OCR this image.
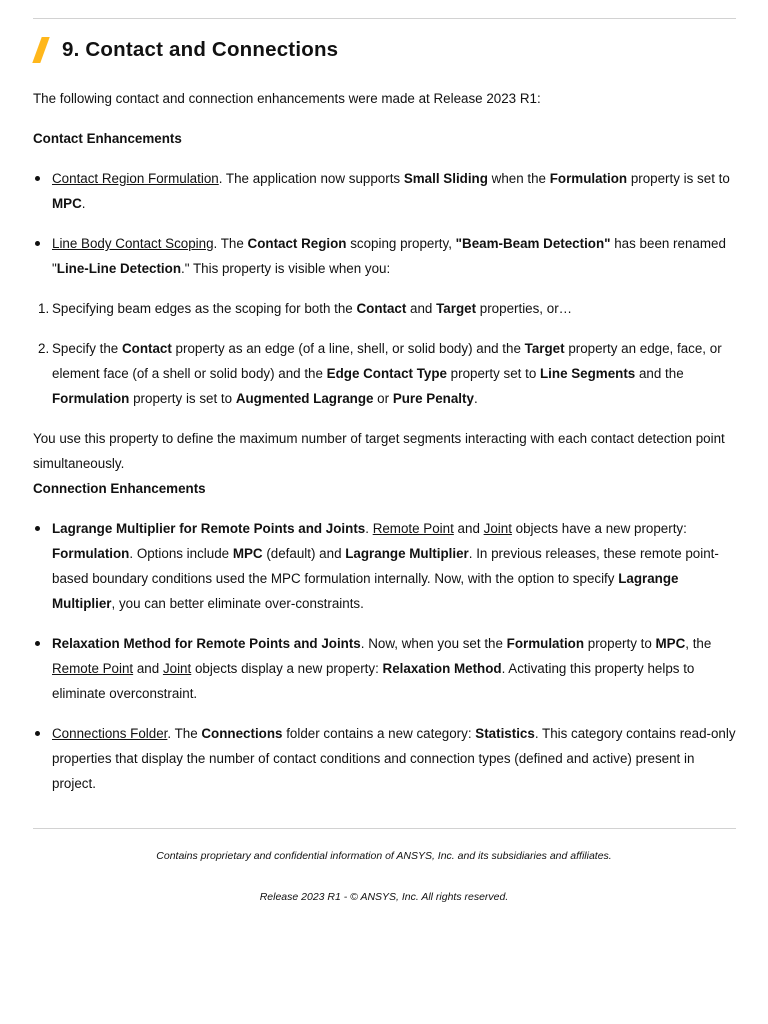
9. Contact and Connections

The following contact and connection enhancements were made at Release 2023 R1:

Contact Enhancements

Contact Region Formulation. The application now supports Small Sliding when the Formulation property is set to MPC.
Line Body Contact Scoping. The Contact Region scoping property, "Beam-Beam Detection" has been renamed "Line-Line Detection." This property is visible when you:
1. Specifying beam edges as the scoping for both the Contact and Target properties, or…
2. Specify the Contact property as an edge (of a line, shell, or solid body) and the Target property an edge, face, or element face (of a shell or solid body) and the Edge Contact Type property set to Line Segments and the Formulation property is set to Augmented Lagrange or Pure Penalty.

You use this property to define the maximum number of target segments interacting with each contact detection point simultaneously.

Connection Enhancements

Lagrange Multiplier for Remote Points and Joints. Remote Point and Joint objects have a new property: Formulation. Options include MPC (default) and Lagrange Multiplier. In previous releases, these remote point-based boundary conditions used the MPC formulation internally. Now, with the option to specify Lagrange Multiplier, you can better eliminate over-constraints.
Relaxation Method for Remote Points and Joints. Now, when you set the Formulation property to MPC, the Remote Point and Joint objects display a new property: Relaxation Method. Activating this property helps to eliminate overconstraint.
Connections Folder. The Connections folder contains a new category: Statistics. This category contains read-only properties that display the number of contact conditions and connection types (defined and active) present in project.
Contains proprietary and confidential information of ANSYS, Inc. and its subsidiaries and affiliates.
Release 2023 R1 - © ANSYS, Inc. All rights reserved.
